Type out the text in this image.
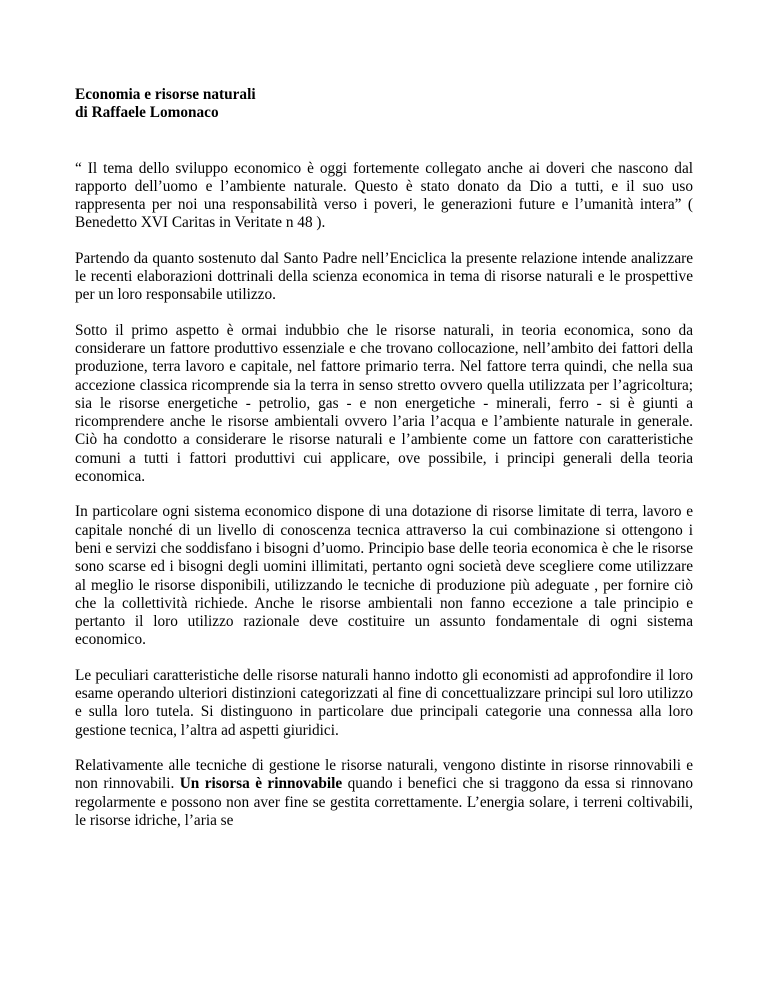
Economia e risorse naturali
di Raffaele Lomonaco

“ Il tema dello sviluppo economico è oggi fortemente collegato anche ai doveri che nascono dal rapporto dell’uomo e l’ambiente naturale. Questo è stato donato da Dio a tutti, e il suo uso rappresenta per noi una responsabilità verso i poveri, le generazioni future e l’umanità intera” ( Benedetto XVI Caritas in Veritate n 48 ).

Partendo da quanto sostenuto dal Santo Padre nell’Enciclica la presente relazione intende analizzare le recenti elaborazioni dottrinali della scienza economica in tema di risorse naturali e le prospettive per un loro responsabile utilizzo.

Sotto il primo aspetto è ormai indubbio che le risorse naturali, in teoria economica, sono da considerare un fattore produttivo essenziale e che trovano collocazione, nell’ambito dei fattori della produzione, terra lavoro e capitale, nel fattore primario terra. Nel fattore terra quindi, che nella sua accezione classica ricomprende sia la terra in senso stretto ovvero quella utilizzata per l’agricoltura; sia le risorse energetiche - petrolio, gas - e non energetiche - minerali, ferro - si è giunti a ricomprendere anche le risorse ambientali ovvero l’aria l’acqua e l’ambiente naturale in generale. Ciò ha condotto a considerare le risorse naturali e l’ambiente come un fattore con caratteristiche comuni a tutti i fattori produttivi cui applicare, ove possibile, i principi generali della teoria economica.

In particolare ogni sistema economico dispone di una dotazione di risorse limitate di terra, lavoro e capitale nonché di un livello di conoscenza tecnica attraverso la cui combinazione si ottengono i beni e servizi che soddisfano i bisogni d’uomo. Principio base delle teoria economica è che le risorse sono scarse ed i bisogni degli uomini illimitati, pertanto ogni società deve scegliere come utilizzare al meglio le risorse disponibili, utilizzando le tecniche di produzione più adeguate , per fornire ciò che la collettività richiede. Anche le risorse ambientali non fanno eccezione a tale principio e pertanto il loro utilizzo razionale deve costituire un assunto fondamentale di ogni sistema economico.

Le peculiari caratteristiche delle risorse naturali hanno indotto gli economisti ad approfondire il loro esame operando ulteriori distinzioni categorizzati al fine di concettualizzare principi sul loro utilizzo e sulla loro tutela. Si distinguono in particolare due principali categorie una connessa alla loro gestione tecnica, l’altra ad aspetti giuridici.

Relativamente alle tecniche di gestione le risorse naturali, vengono distinte in risorse rinnovabili e non rinnovabili. Un risorsa è rinnovabile quando i benefici che si traggono da essa si rinnovano regolarmente e possono non aver fine se gestita correttamente. L’energia solare, i terreni coltivabili, le risorse idriche, l’aria se
